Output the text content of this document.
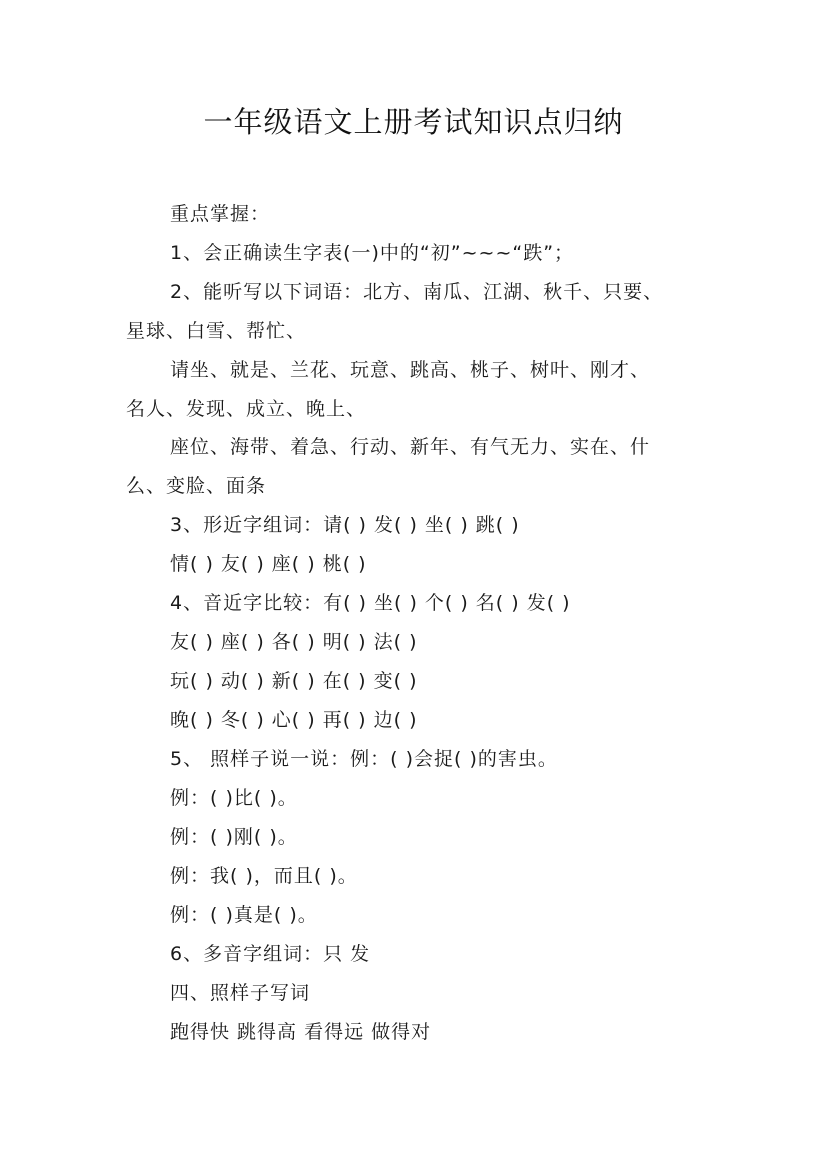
一年级语文上册考试知识点归纳
重点掌握：
1、会正确读生字表(一)中的“初”~~~“跌”；
2、能听写以下词语：北方、南瓜、江湖、秋千、只要、
星球、白雪、帮忙、
请坐、就是、兰花、玩意、跳高、桃子、树叶、刚才、
名人、发现、成立、晚上、
座位、海带、着急、行动、新年、有气无力、实在、什
么、变脸、面条
3、形近字组词：请( ) 发( ) 坐( ) 跳( )
情( ) 友( ) 座( ) 桃( )
4、音近字比较：有( ) 坐( ) 个( ) 名( ) 发( )
友( ) 座( ) 各( ) 明( ) 法( )
玩( ) 动( ) 新( ) 在( ) 变( )
晚( ) 冬( ) 心( ) 再( ) 边( )
5、 照样子说一说：例：( )会捉( )的害虫。
例：( )比( )。
例：( )刚( )。
例：我( )，而且( )。
例：( )真是( )。
6、多音字组词：只 发
四、照样子写词
跑得快 跳得高 看得远 做得对
